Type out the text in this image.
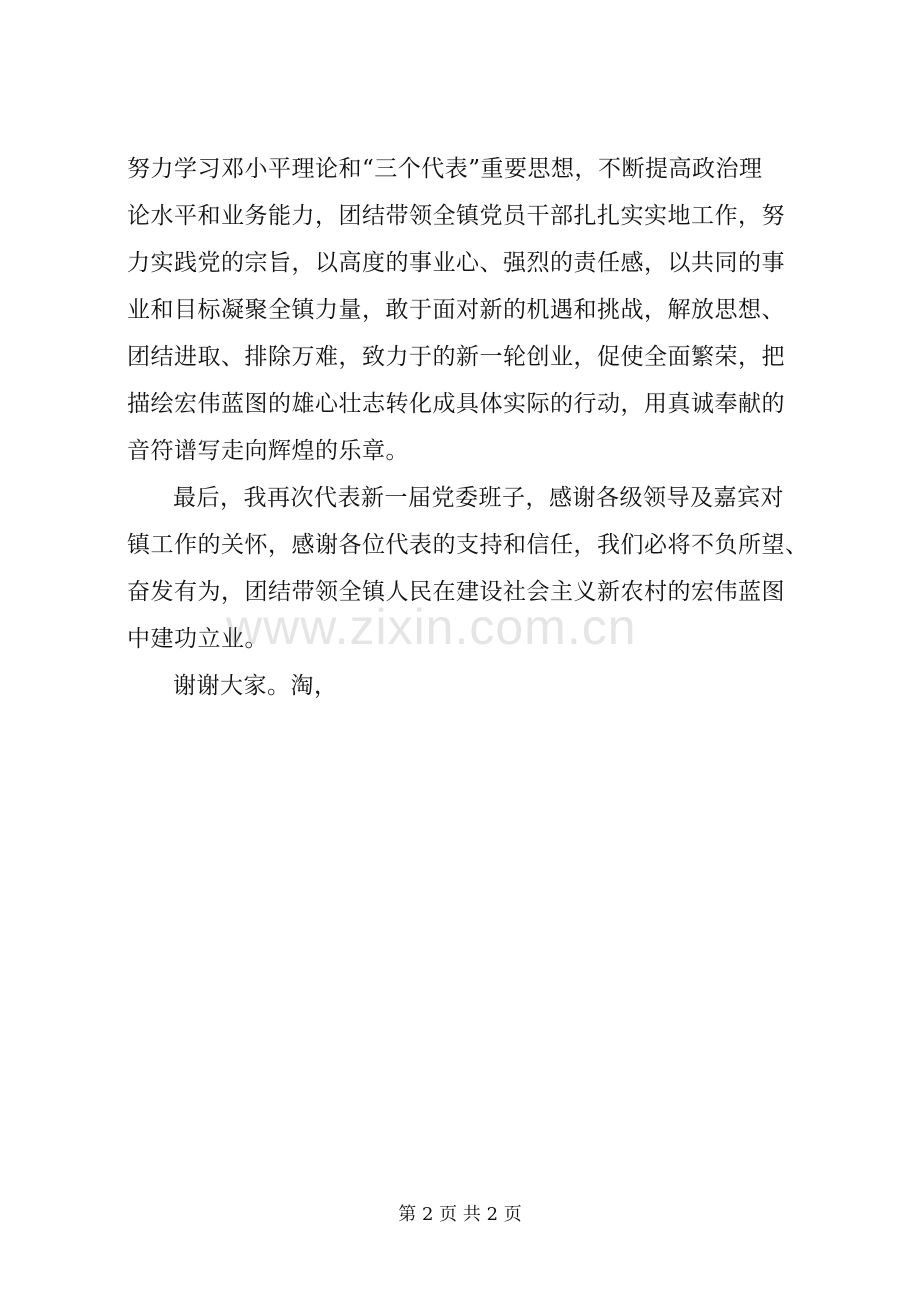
努力学习邓小平理论和“三个代表”重要思想，不断提高政治理
论水平和业务能力，团结带领全镇党员干部扎扎实实地工作，努
力实践党的宗旨，以高度的事业心、强烈的责任感，以共同的事
业和目标凝聚全镇力量，敢于面对新的机遇和挑战，解放思想、
团结进取、排除万难，致力于的新一轮创业，促使全面繁荣，把
描绘宏伟蓝图的雄心壮志转化成具体实际的行动，用真诚奉献的
音符谱写走向辉煌的乐章。
最后，我再次代表新一届党委班子，感谢各级领导及嘉宾对
镇工作的关怀，感谢各位代表的支持和信任，我们必将不负所望、
奋发有为，团结带领全镇人民在建设社会主义新农村的宏伟蓝图
中建功立业。
谢谢大家。淘，
www.zixin.com.cn
第 2 页 共 2 页
